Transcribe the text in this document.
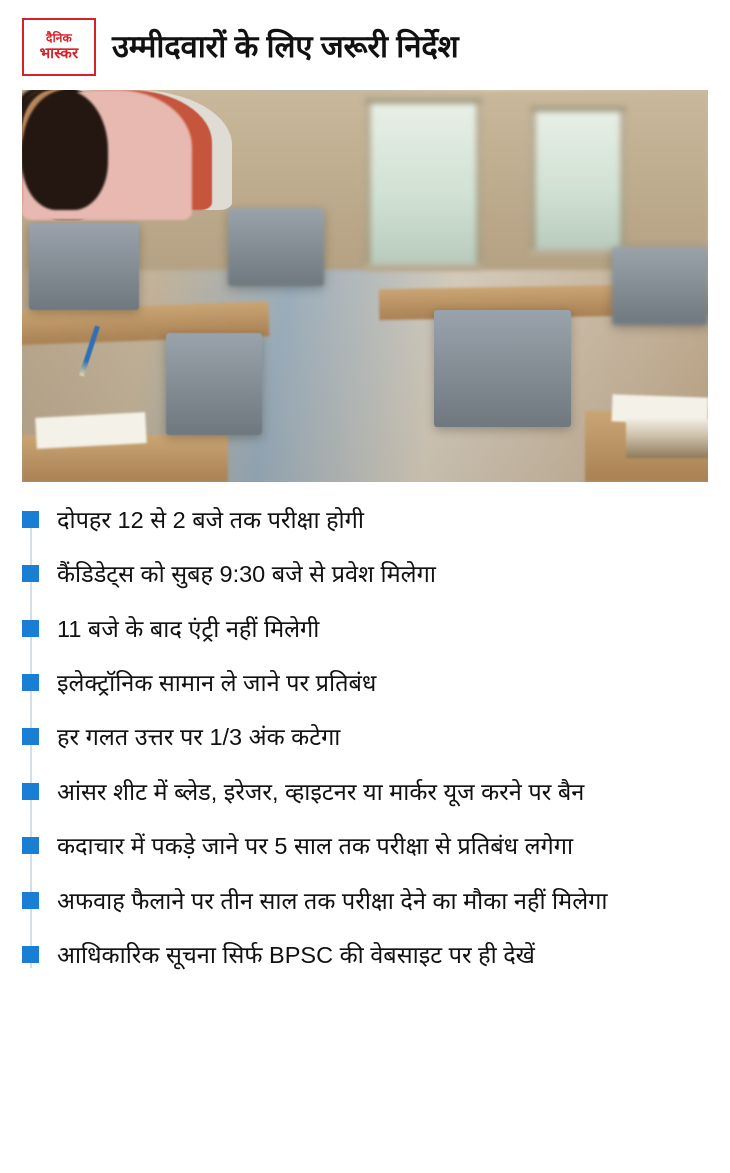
दैनिक
भास्कर उम्मीदवारों के लिए जरूरी निर्देश
दोपहर 12 से 2 बजे तक परीक्षा होगी
कैंडिडेट्स को सुबह 9:30 बजे से प्रवेश मिलेगा
11 बजे के बाद एंट्री नहीं मिलेगी
इलेक्ट्रॉनिक सामान ले जाने पर प्रतिबंध
हर गलत उत्तर पर 1/3 अंक कटेगा
आंसर शीट में ब्लेड, इरेजर, व्हाइटनर या मार्कर यूज करने पर बैन
कदाचार में पकड़े जाने पर 5 साल तक परीक्षा से प्रतिबंध लगेगा
अफवाह फैलाने पर तीन साल तक परीक्षा देने का मौका नहीं मिलेगा
आधिकारिक सूचना सिर्फ BPSC की वेबसाइट पर ही देखें
